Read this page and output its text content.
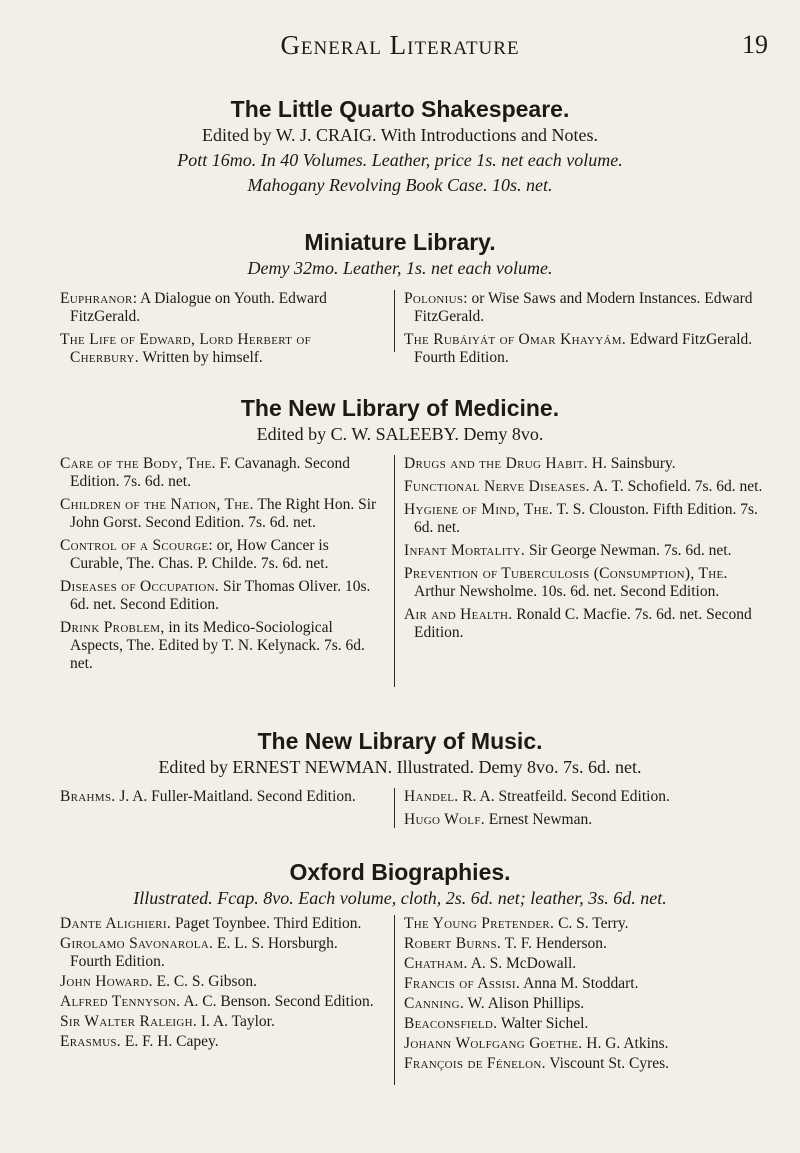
General Literature	19

The Little Quarto Shakespeare.

Edited by W. J. CRAIG. With Introductions and Notes.

Pott 16mo. In 40 Volumes. Leather, price 1s. net each volume.

Mahogany Revolving Book Case. 10s. net.

Miniature Library.

Demy 32mo. Leather, 1s. net each volume.

Euphranor: A Dialogue on Youth. Edward FitzGerald.

The Life of Edward, Lord Herbert of Cherbury. Written by himself.

Polonius: or Wise Saws and Modern Instances. Edward FitzGerald.

The Rubáiyát of Omar Khayyám. Edward FitzGerald. Fourth Edition.

The New Library of Medicine.

Edited by C. W. SALEEBY. Demy 8vo.

Care of the Body, The. F. Cavanagh. Second Edition. 7s. 6d. net.

Children of the Nation, The. The Right Hon. Sir John Gorst. Second Edition. 7s. 6d. net.

Control of a Scourge: or, How Cancer is Curable, The. Chas. P. Childe. 7s. 6d. net.

Diseases of Occupation. Sir Thomas Oliver. 10s. 6d. net. Second Edition.

Drink Problem, in its Medico-Sociological Aspects, The. Edited by T. N. Kelynack. 7s. 6d. net.

Drugs and the Drug Habit. H. Sainsbury.

Functional Nerve Diseases. A. T. Schofield. 7s. 6d. net.

Hygiene of Mind, The. T. S. Clouston. Fifth Edition. 7s. 6d. net.

Infant Mortality. Sir George Newman. 7s. 6d. net.

Prevention of Tuberculosis (Consumption), The. Arthur Newsholme. 10s. 6d. net. Second Edition.

Air and Health. Ronald C. Macfie. 7s. 6d. net. Second Edition.

The New Library of Music.

Edited by ERNEST NEWMAN. Illustrated. Demy 8vo. 7s. 6d. net.

Brahms. J. A. Fuller-Maitland. Second Edition.	Handel. R. A. Streatfeild. Second Edition.

Hugo Wolf. Ernest Newman.

Oxford Biographies.

Illustrated. Fcap. 8vo. Each volume, cloth, 2s. 6d. net; leather, 3s. 6d. net.

Dante Alighieri. Paget Toynbee. Third Edition.

Girolamo Savonarola. E. L. S. Horsburgh. Fourth Edition.

John Howard. E. C. S. Gibson.

Alfred Tennyson. A. C. Benson. Second Edition.

Sir Walter Raleigh. I. A. Taylor.

Erasmus. E. F. H. Capey.

The Young Pretender. C. S. Terry.

Robert Burns. T. F. Henderson.

Chatham. A. S. McDowall.

Francis of Assisi. Anna M. Stoddart.

Canning. W. Alison Phillips.

Beaconsfield. Walter Sichel.

Johann Wolfgang Goethe. H. G. Atkins.

François de Fénelon. Viscount St. Cyres.
